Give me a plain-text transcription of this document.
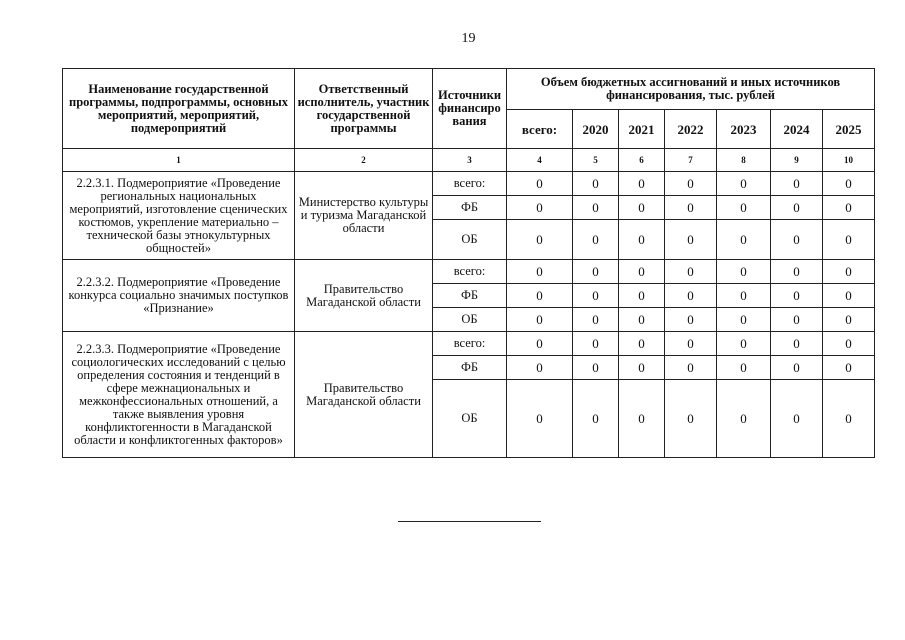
19
Наименование государственной программы, подпрограммы, основных мероприятий, мероприятий, подмероприятий	Ответственный исполнитель, участник государственной программы	Источники финансиро вания	Объем бюджетных ассигнований и иных источников финансирования, тыс. рублей						
			всего:	2020	2021	2022	2023	2024	2025
1	2	3	4	5	6	7	8	9	10
2.2.3.1. Подмероприятие «Проведение региональных национальных мероприятий, изготовление сценических костюмов, укрепление материально – технической базы этнокультурных общностей»	Министерство культуры и туризма Магаданской области	всего:	0	0	0	0	0	0	0
		ФБ	0	0	0	0	0	0	0
		ОБ	0	0	0	0	0	0	0
2.2.3.2. Подмероприятие «Проведение конкурса социально значимых поступков «Признание»	Правительство Магаданской области	всего:	0	0	0	0	0	0	0
		ФБ	0	0	0	0	0	0	0
		ОБ	0	0	0	0	0	0	0
2.2.3.3. Подмероприятие «Проведение социологических исследований с целью определения состояния и тенденций в сфере межнациональных и межконфессиональных отношений, а также выявления уровня конфликтогенности в Магаданской области и конфликтогенных факторов»	Правительство Магаданской области	всего:	0	0	0	0	0	0	0
		ФБ	0	0	0	0	0	0	0
		ОБ	0	0	0	0	0	0	0
